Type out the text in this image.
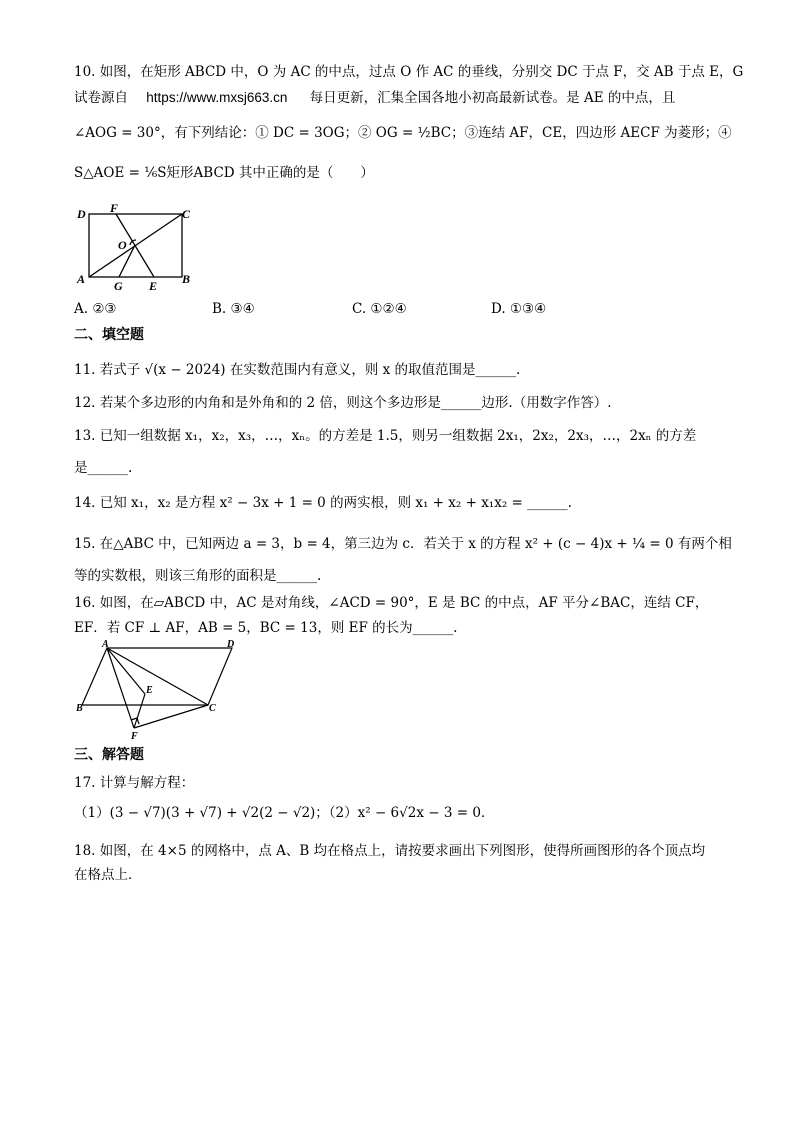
10. 如图，在矩形 ABCD 中，O 为 AC 的中点，过点 O 作 AC 的垂线，分别交 DC 于点 F，交 AB 于点 E，G
试卷源自 https://www.mxsj663.cn 每日更新，汇集全国各地小初高最新试卷。是 AE 的中点，且
∠AOG = 30°，有下列结论：① DC = 3OG；② OG = ½BC；③连结 AF，CE，四边形 AECF 为菱形；④
S△AOE = ⅙S矩形ABCD 其中正确的是（　　）
D F	C
O
A G E B
A. ②③	B. ③④	C. ①②④	D. ①③④
二、填空题
11. 若式子 √(x − 2024) 在实数范围内有意义，则 x 的取值范围是______.
12. 若某个多边形的内角和是外角和的 2 倍，则这个多边形是______边形.（用数字作答）.
13. 已知一组数据 x₁，x₂，x₃，…，xₙ。的方差是 1.5，则另一组数据 2x₁，2x₂，2x₃，…，2xₙ 的方差
是______.
14. 已知 x₁，x₂ 是方程 x² − 3x + 1 = 0 的两实根，则 x₁ + x₂ + x₁x₂ = ______.
15. 在△ABC 中，已知两边 a = 3，b = 4，第三边为 c．若关于 x 的方程 x² + (c − 4)x + ¼ = 0 有两个相
等的实数根，则该三角形的面积是______.
16. 如图，在▱ABCD 中，AC 是对角线，∠ACD = 90°，E 是 BC 的中点，AF 平分∠BAC，连结 CF，
EF．若 CF ⊥ AF，AB = 5，BC = 13，则 EF 的长为______.
A	D
E
B	C
F
三、解答题
17. 计算与解方程：
（1）(3 − √7)(3 + √7) + √2(2 − √2)；（2）x² − 6√2x − 3 = 0．
18. 如图，在 4×5 的网格中，点 A、B 均在格点上，请按要求画出下列图形，使得所画图形的各个顶点均
在格点上．
